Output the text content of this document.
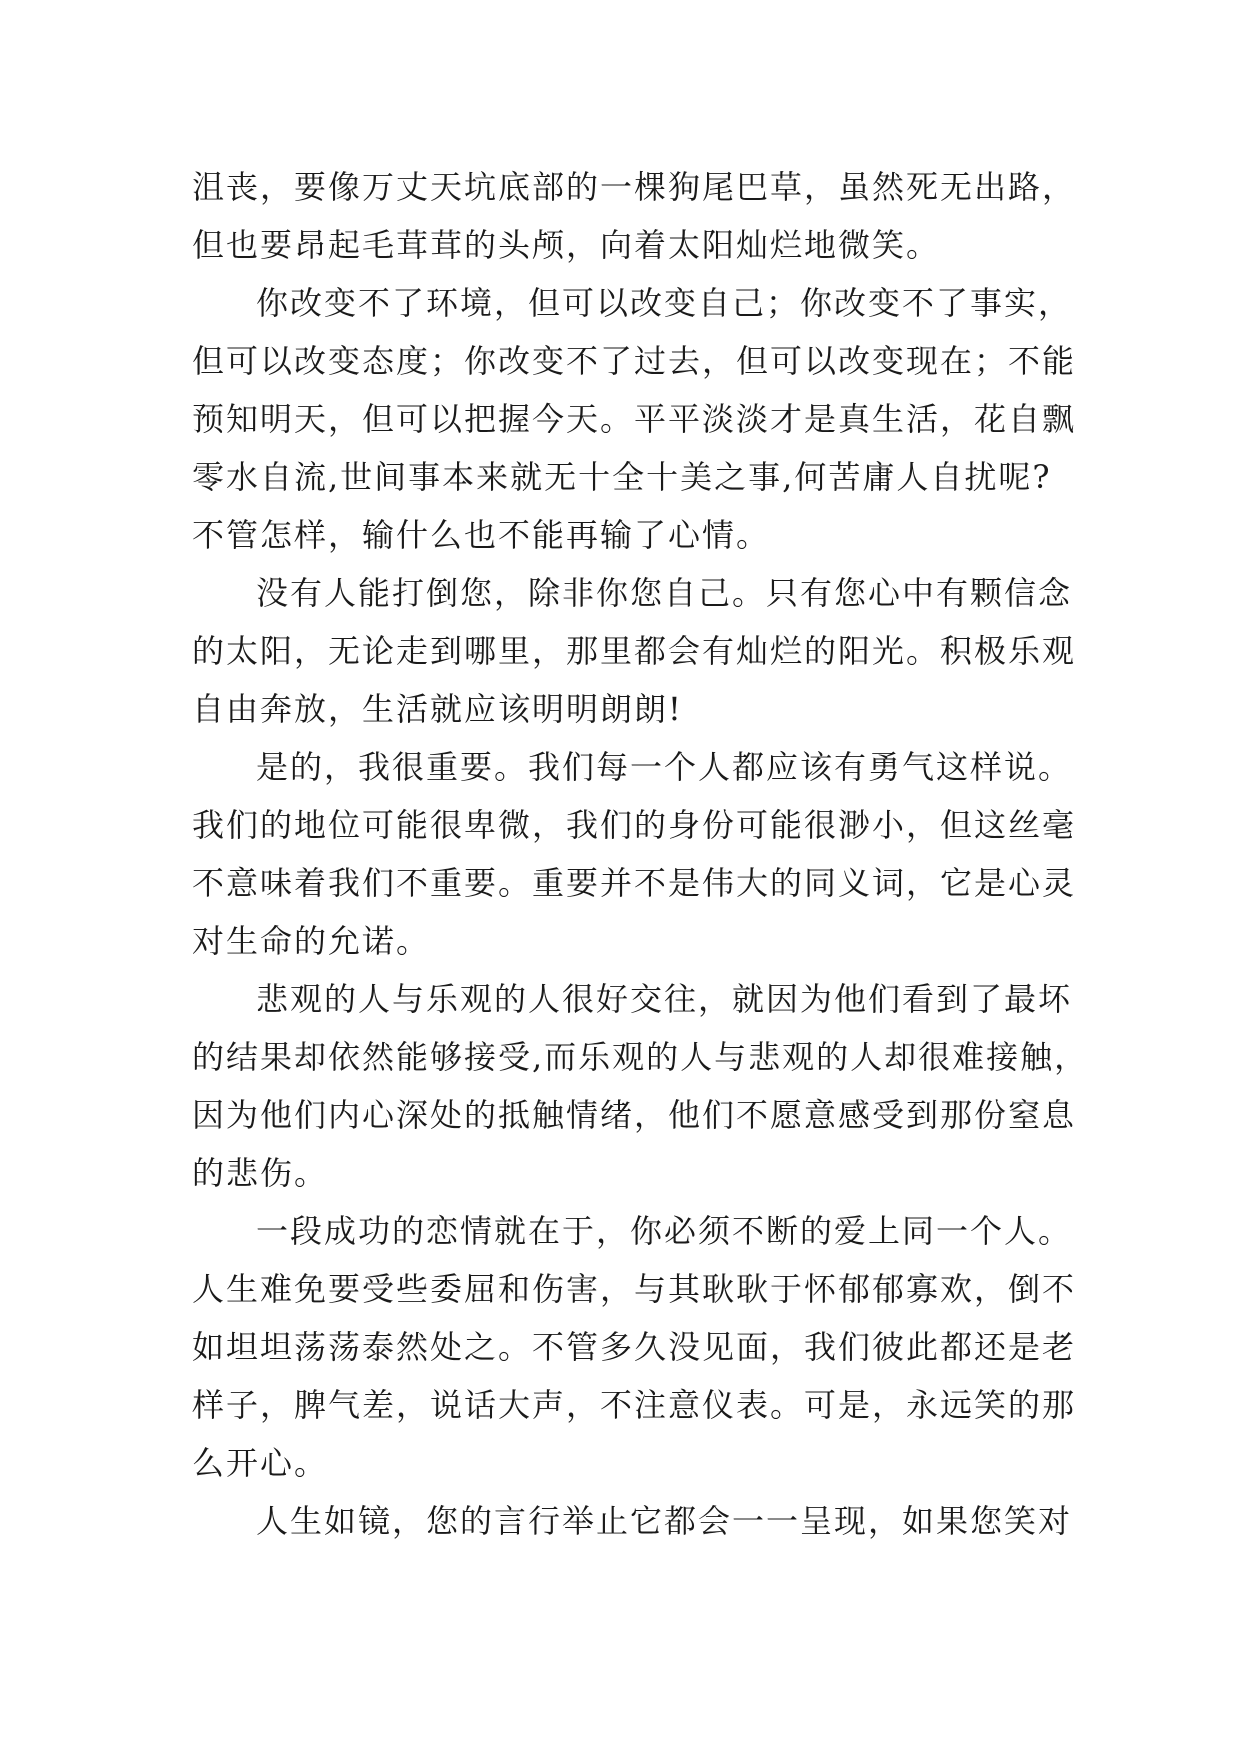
沮丧，要像万丈天坑底部的一棵狗尾巴草，虽然死无出路，

但也要昂起毛茸茸的头颅，向着太阳灿烂地微笑。

你改变不了环境，但可以改变自己；你改变不了事实，

但可以改变态度；你改变不了过去，但可以改变现在；不能

预知明天，但可以把握今天。平平淡淡才是真生活，花自飘

零水自流,世间事本来就无十全十美之事,何苦庸人自扰呢?

不管怎样，输什么也不能再输了心情。

没有人能打倒您，除非你您自己。只有您心中有颗信念

的太阳，无论走到哪里，那里都会有灿烂的阳光。积极乐观

自由奔放，生活就应该明明朗朗!

是的，我很重要。我们每一个人都应该有勇气这样说。

我们的地位可能很卑微，我们的身份可能很渺小，但这丝毫

不意味着我们不重要。重要并不是伟大的同义词，它是心灵

对生命的允诺。

悲观的人与乐观的人很好交往，就因为他们看到了最坏

的结果却依然能够接受,而乐观的人与悲观的人却很难接触，

因为他们内心深处的抵触情绪，他们不愿意感受到那份窒息

的悲伤。

一段成功的恋情就在于，你必须不断的爱上同一个人。

人生难免要受些委屈和伤害，与其耿耿于怀郁郁寡欢，倒不

如坦坦荡荡泰然处之。不管多久没见面，我们彼此都还是老

样子，脾气差，说话大声，不注意仪表。可是，永远笑的那

么开心。

人生如镜，您的言行举止它都会一一呈现，如果您笑对
